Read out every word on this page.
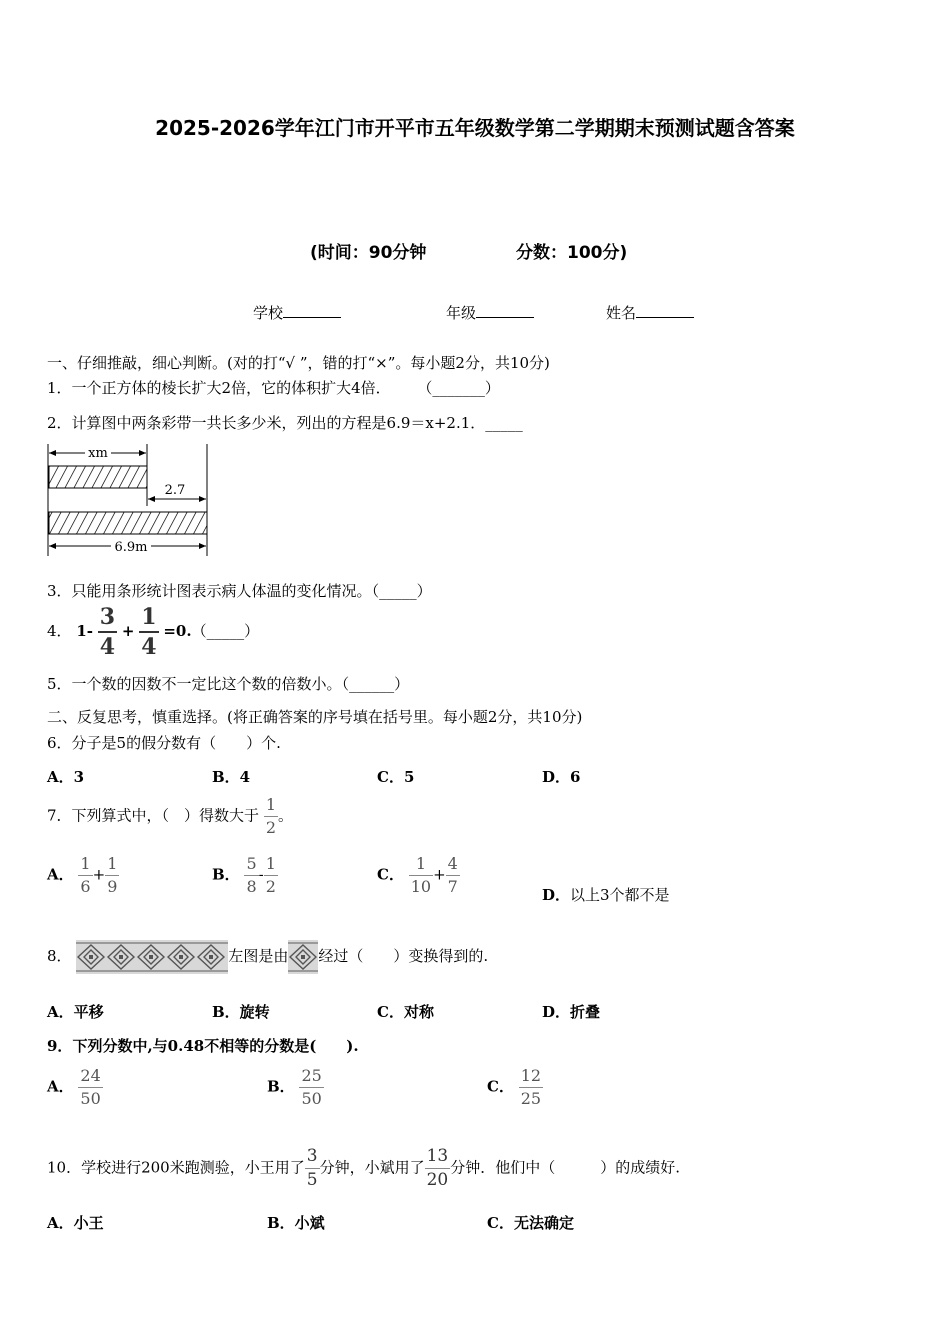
2025-2026学年江门市开平市五年级数学第二学期期末预测试题含答案
(时间：90分钟	分数：100分)
学校	年级	姓名
一、仔细推敲，细心判断。(对的打“√ ”，错的打“×”。每小题2分，共10分)
1．一个正方体的棱长扩大2倍，它的体积扩大4倍． （_______）
2．计算图中两条彩带一共长多少米，列出的方程是6.9＝x+2.1．_____
xm
2.7
6.9m
3．只能用条形统计图表示病人体温的变化情况。（_____）
4． $1- \frac{3}{4} + \frac{1}{4}$ =0.（_____）
5．一个数的因数不一定比这个数的倍数小。（______）
二、反复思考，慎重选择。(将正确答案的序号填在括号里。每小题2分，共10分)
6．分子是5的假分数有（　　）个.
A．3	B．4	C．5	D．6
7．下列算式中，（　）得数大于 $\frac{1}{2}$ 。
A． $\frac{1}{6} + \frac{1}{9}$	B． $\frac{5}{8} - \frac{1}{2}$	C． $\frac{1}{10} + \frac{4}{7}$	D．以上3个都不是
8．	左图是由 经过（　　）变换得到的.
A．平移	B．旋转	C．对称	D．折叠
9．下列分数中,与0.48不相等的分数是(　　).
A． $\frac{24}{50}$	B． $\frac{25}{50}$	C． $\frac{12}{25}$
10．学校进行200米跑测验，小王用了 $\frac{3}{5}$ 分钟，小斌用了 $\frac{13}{20}$ 分钟．他们中（　　　）的成绩好.
A．小王	B．小斌	C．无法确定
